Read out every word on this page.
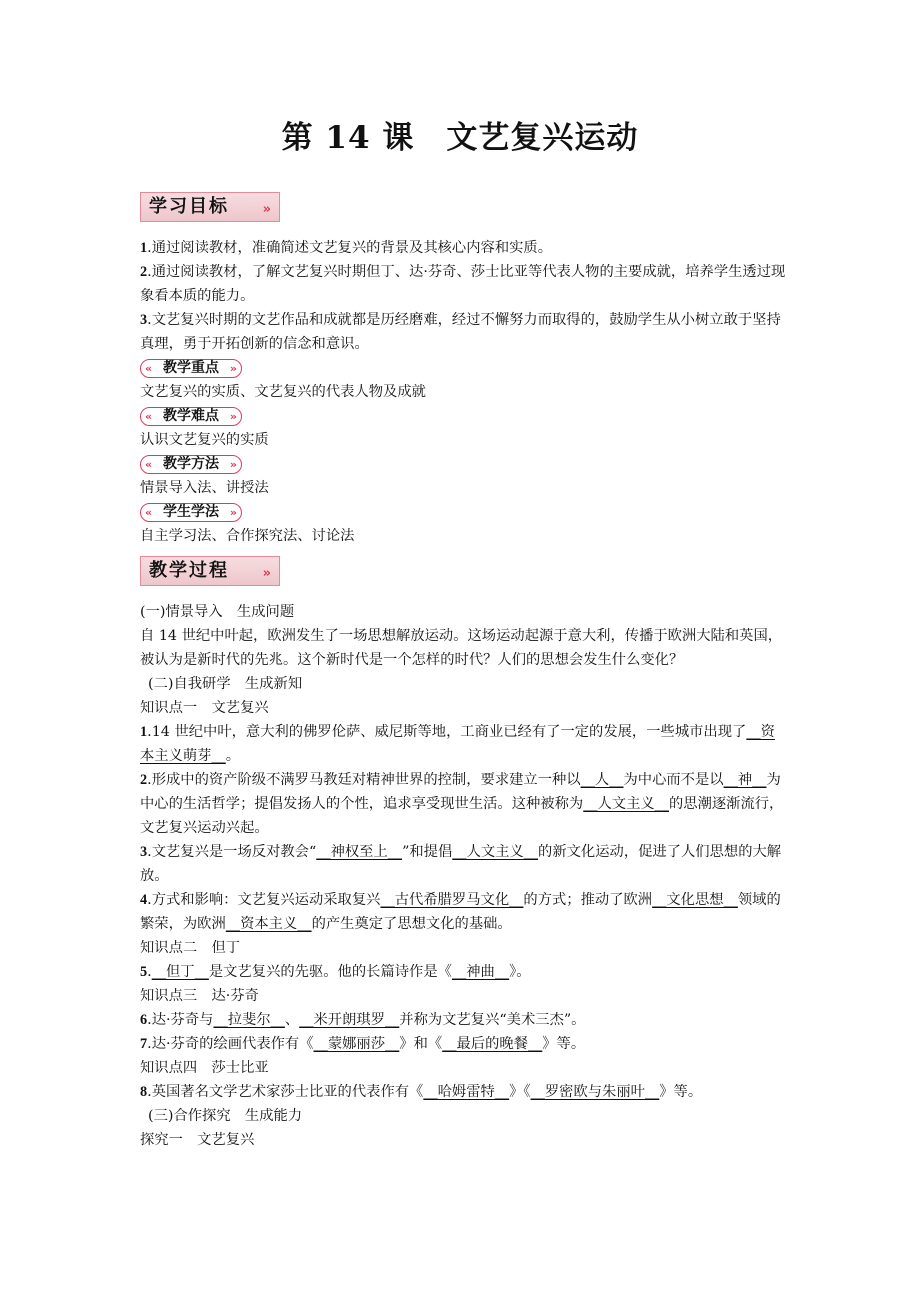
第 14 课　文艺复兴运动
学习目标	»

1.通过阅读教材，准确简述文艺复兴的背景及其核心内容和实质。

2.通过阅读教材，了解文艺复兴时期但丁、达·芬奇、莎士比亚等代表人物的主要成就，培养学生透过现象看本质的能力。

3.文艺复兴时期的文艺作品和成就都是历经磨难，经过不懈努力而取得的，鼓励学生从小树立敢于坚持真理，勇于开拓创新的信念和意识。

« 教学重点 »

文艺复兴的实质、文艺复兴的代表人物及成就

« 教学难点 »

认识文艺复兴的实质

« 教学方法 »

情景导入法、讲授法

« 学生学法 »

自主学习法、合作探究法、讨论法

教学过程	»

(一)情景导入　生成问题

自 14 世纪中叶起，欧洲发生了一场思想解放运动。这场运动起源于意大利，传播于欧洲大陆和英国，被认为是新时代的先兆。这个新时代是一个怎样的时代？人们的思想会发生什么变化？

(二)自我研学　生成新知

知识点一　文艺复兴

1.14 世纪中叶，意大利的佛罗伦萨、威尼斯等地，工商业已经有了一定的发展，一些城市出现了__资本主义萌芽__。

2.形成中的资产阶级不满罗马教廷对精神世界的控制，要求建立一种以__人__为中心而不是以__神__为中心的生活哲学；提倡发扬人的个性，追求享受现世生活。这种被称为__人文主义__的思潮逐渐流行，文艺复兴运动兴起。

3.文艺复兴是一场反对教会“__神权至上__”和提倡__人文主义__的新文化运动，促进了人们思想的大解放。

4.方式和影响：文艺复兴运动采取复兴__古代希腊罗马文化__的方式；推动了欧洲__文化思想__领域的繁荣，为欧洲__资本主义__的产生奠定了思想文化的基础。

知识点二　但丁

5.__但丁__是文艺复兴的先驱。他的长篇诗作是《__神曲__》。

知识点三　达·芬奇

6.达·芬奇与__拉斐尔__、__米开朗琪罗__并称为文艺复兴“美术三杰”。

7.达·芬奇的绘画代表作有《__蒙娜丽莎__》和《__最后的晚餐__》等。

知识点四　莎士比亚

8.英国著名文学艺术家莎士比亚的代表作有《__哈姆雷特__》《__罗密欧与朱丽叶__》等。

(三)合作探究　生成能力

探究一　文艺复兴
